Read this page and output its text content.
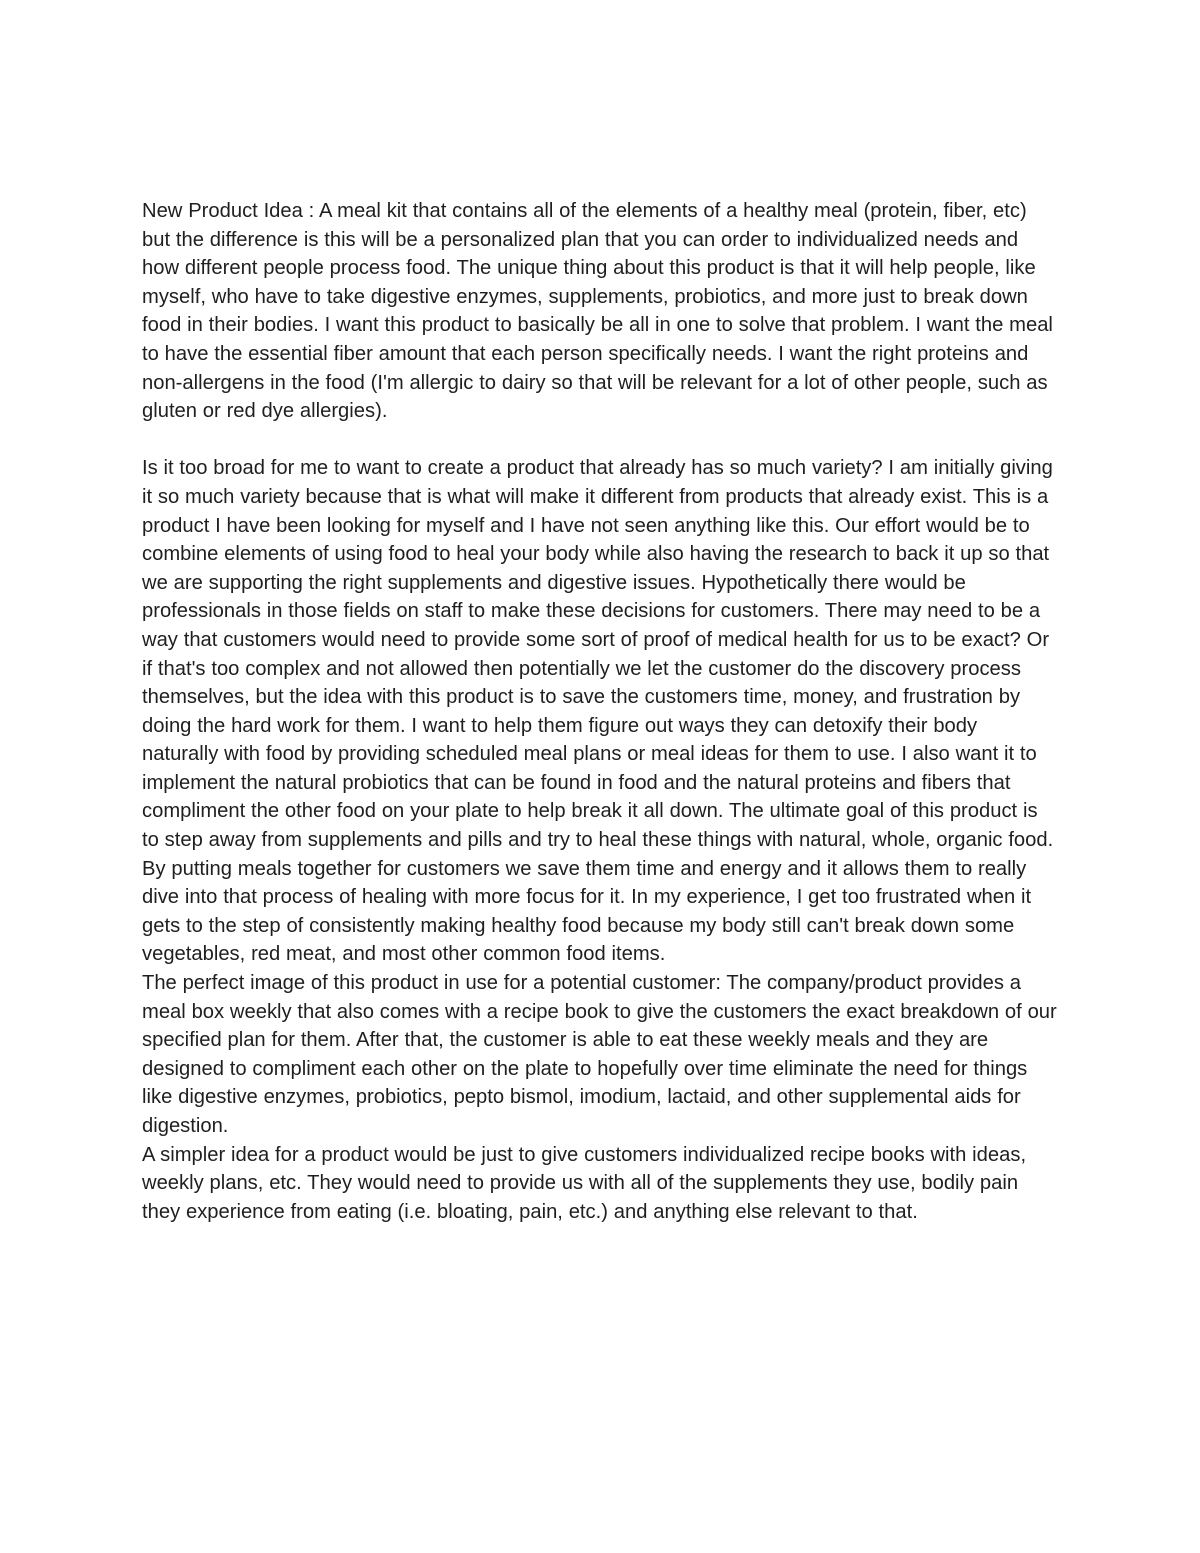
New Product Idea : A meal kit that contains all of the elements of a healthy meal (protein, fiber, etc) but the difference is this will be a personalized plan that you can order to individualized needs and how different people process food. The unique thing about this product is that it will help people, like myself, who have to take digestive enzymes, supplements, probiotics, and more just to break down food in their bodies. I want this product to basically be all in one to solve that problem. I want the meal to have the essential fiber amount that each person specifically needs. I want the right proteins and non-allergens in the food (I'm allergic to dairy so that will be relevant for a lot of other people, such as gluten or red dye allergies).

Is it too broad for me to want to create a product that already has so much variety? I am initially giving it so much variety because that is what will make it different from products that already exist. This is a product I have been looking for myself and I have not seen anything like this. Our effort would be to combine elements of using food to heal your body while also having the research to back it up so that we are supporting the right supplements and digestive issues. Hypothetically there would be professionals in those fields on staff to make these decisions for customers. There may need to be a way that customers would need to provide some sort of proof of medical health for us to be exact? Or if that's too complex and not allowed then potentially we let the customer do the discovery process themselves, but the idea with this product is to save the customers time, money, and frustration by doing the hard work for them. I want to help them figure out ways they can detoxify their body naturally with food by providing scheduled meal plans or meal ideas for them to use. I also want it to implement the natural probiotics that can be found in food and the natural proteins and fibers that compliment the other food on your plate to help break it all down. The ultimate goal of this product is to step away from supplements and pills and try to heal these things with natural, whole, organic food. By putting meals together for customers we save them time and energy and it allows them to really dive into that process of healing with more focus for it. In my experience, I get too frustrated when it gets to the step of consistently making healthy food because my body still can't break down some vegetables, red meat, and most other common food items.

The perfect image of this product in use for a potential customer: The company/product provides a meal box weekly that also comes with a recipe book to give the customers the exact breakdown of our specified plan for them. After that, the customer is able to eat these weekly meals and they are designed to compliment each other on the plate to hopefully over time eliminate the need for things like digestive enzymes, probiotics, pepto bismol, imodium, lactaid, and other supplemental aids for digestion.

A simpler idea for a product would be just to give customers individualized recipe books with ideas, weekly plans, etc. They would need to provide us with all of the supplements they use, bodily pain they experience from eating (i.e. bloating, pain, etc.) and anything else relevant to that.
